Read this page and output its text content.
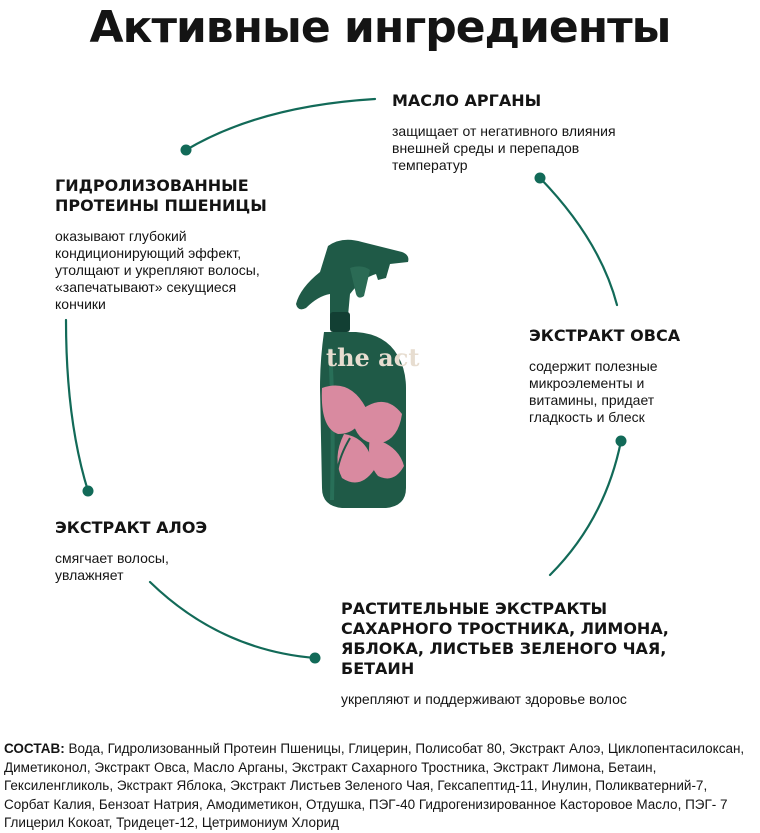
Активные ингредиенты
the act

МАСЛО АРГАНЫ

защищает от негативного влияния внешней среды и перепадов температур

ГИДРОЛИЗОВАННЫЕ ПРОТЕИНЫ ПШЕНИЦЫ

оказывают глубокий кондиционирующий эффект, утолщают и укрепляют волосы, «запечатывают» секущиеся кончики

ЭКСТРАКТ ОВСА

содержит полезные микроэлементы и витамины, придает гладкость и блеск

ЭКСТРАКТ АЛОЭ

смягчает волосы, увлажняет

РАСТИТЕЛЬНЫЕ ЭКСТРАКТЫ САХАРНОГО ТРОСТНИКА, ЛИМОНА, ЯБЛОКА, ЛИСТЬЕВ ЗЕЛЕНОГО ЧАЯ, БЕТАИН

укрепляют и поддерживают здоровье волос

СОСТАВ: Вода, Гидролизованный Протеин Пшеницы, Глицерин, Полисобат 80, Экстракт Алоэ, Циклопентасилоксан, Диметиконол, Экстракт Овса, Масло Арганы, Экстракт Сахарного Тростника, Экстракт Лимона, Бетаин, Гексиленгликоль, Экстракт Яблока, Экстракт Листьев Зеленого Чая, Гексапептид-11, Инулин, Поликватерний-7, Сорбат Калия, Бензоат Натрия, Амодиметикон, Отдушка, ПЭГ-40 Гидрогенизированное Касторовое Масло, ПЭГ- 7 Глицерил Кокоат, Тридецет-12, Цетримониум Хлорид
